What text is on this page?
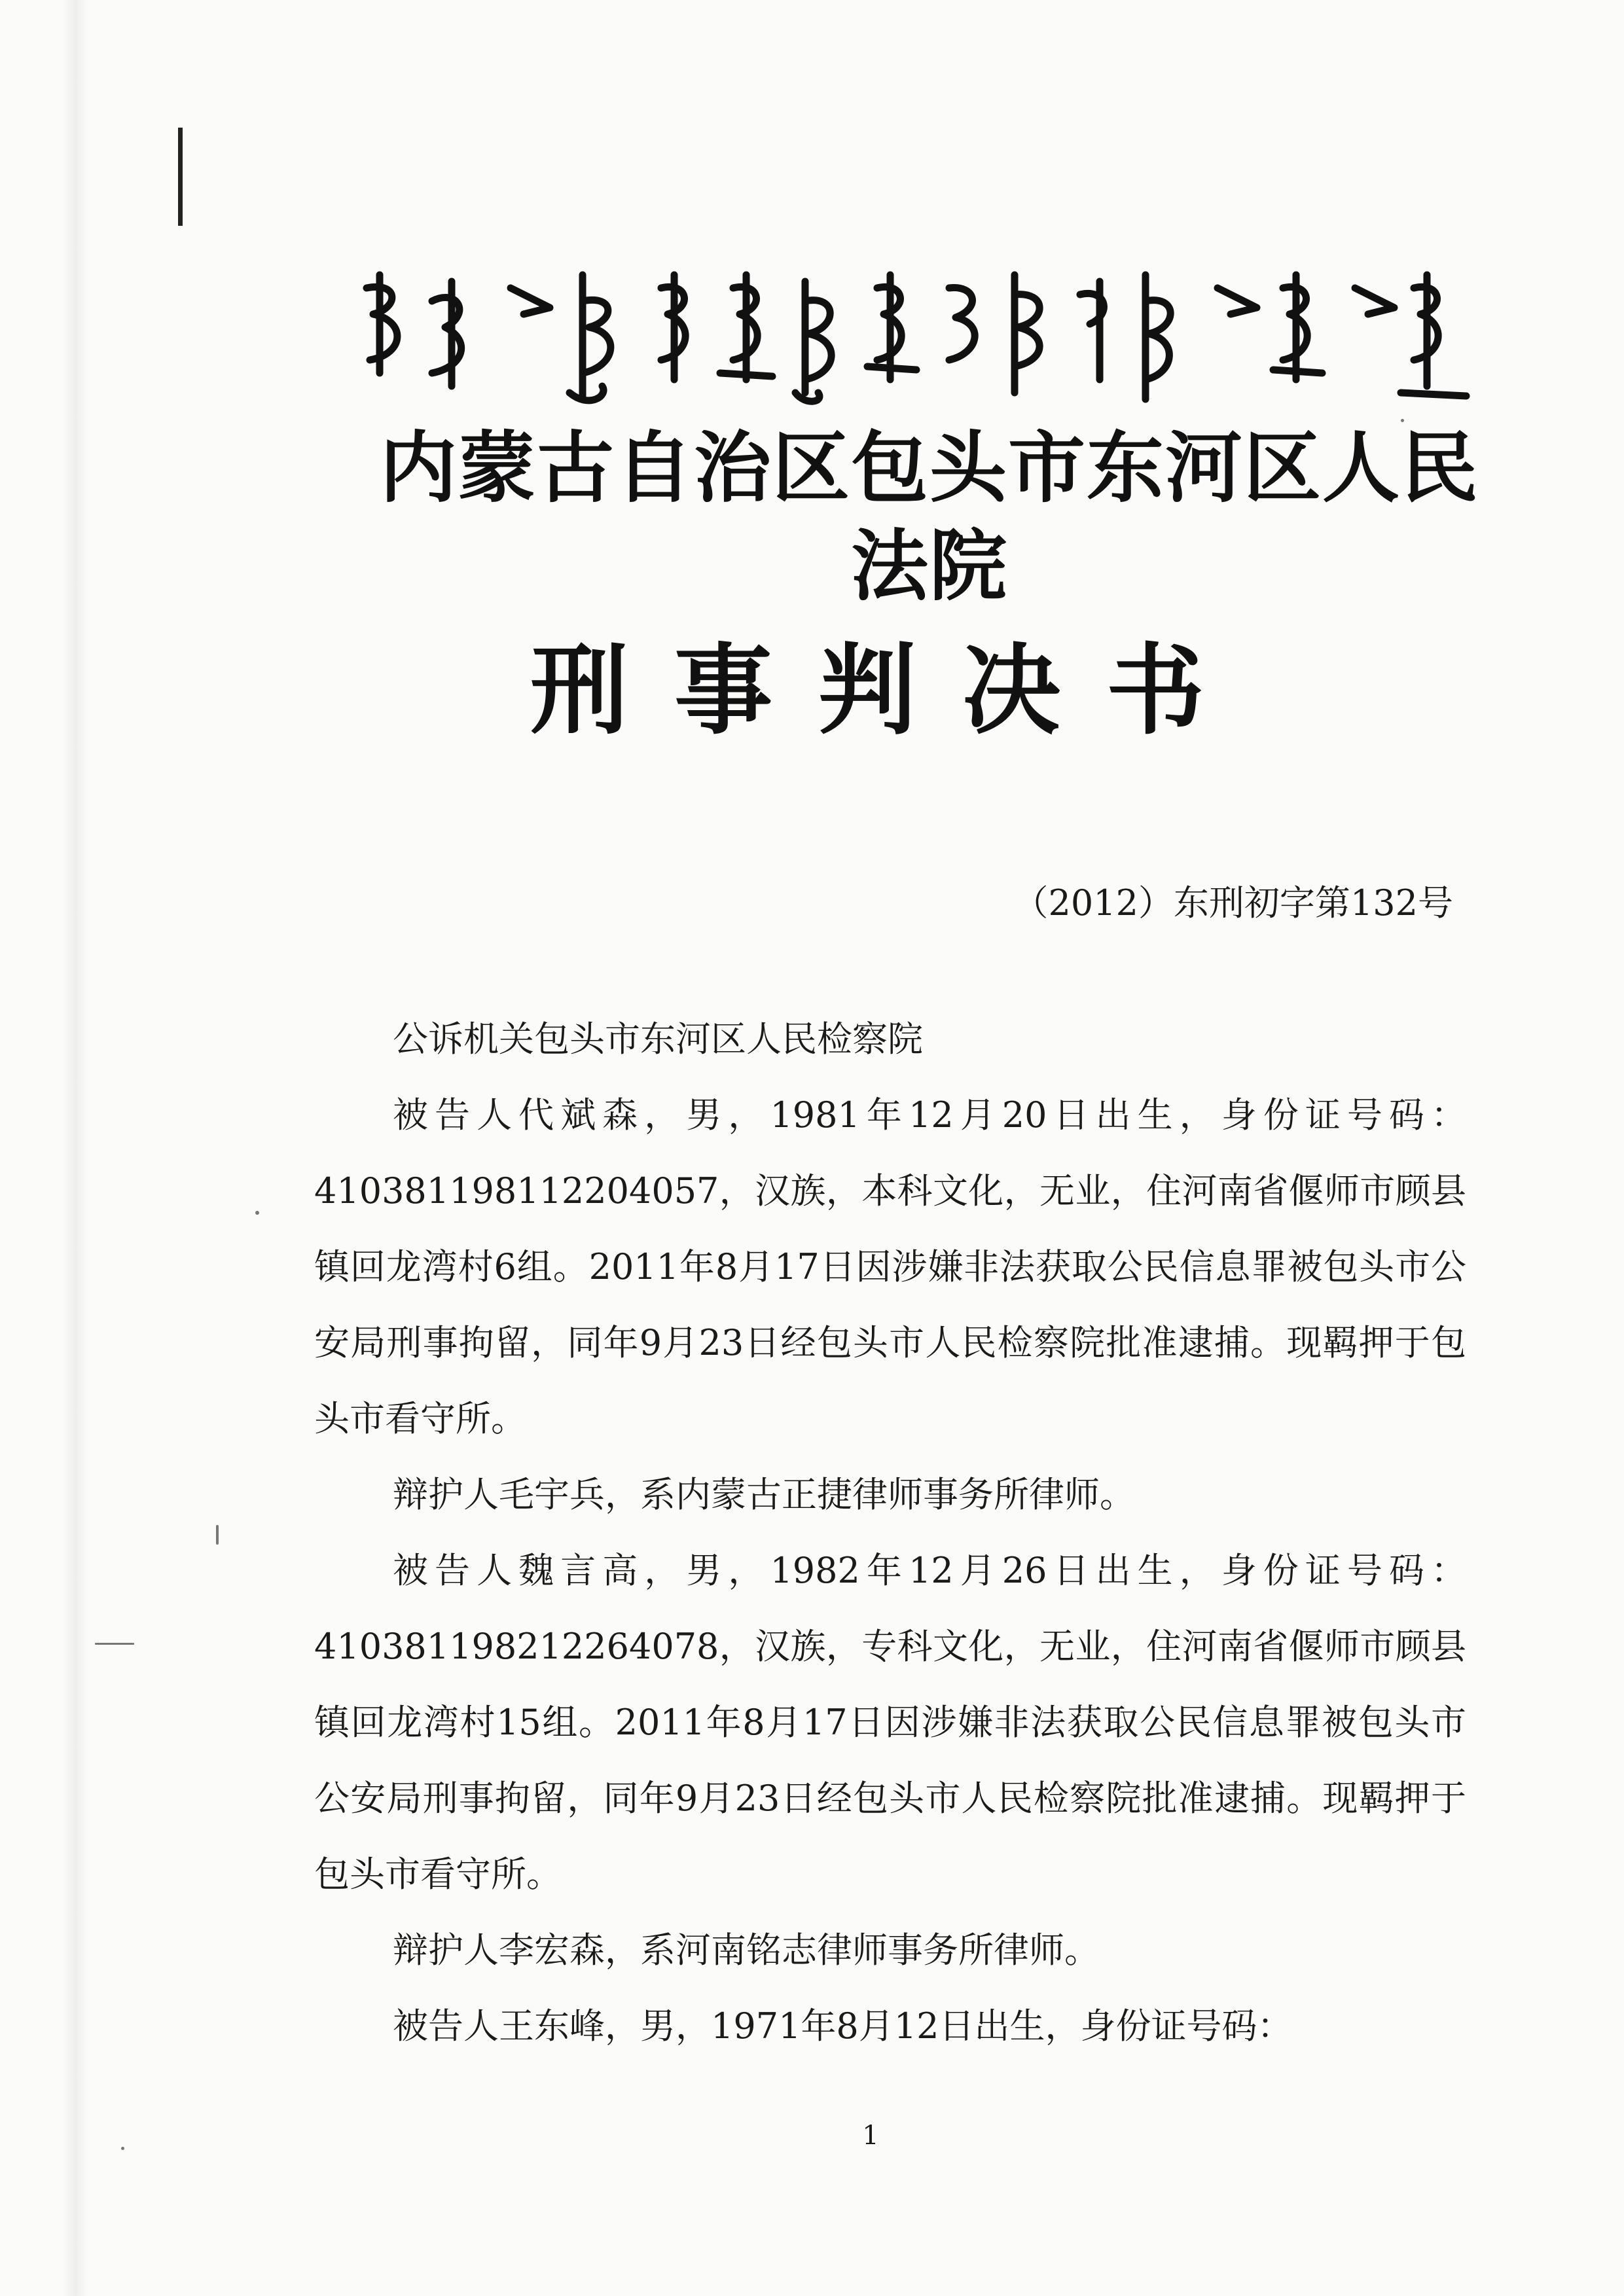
内蒙古自治区包头市东河区人民法院
刑事判决书
（2012）东刑初字第132号

公诉机关包头市东河区人民检察院

被告人代斌森，男，1981年12月20日出生，身份证号码：410381198112204057，汉族，本科文化，无业，住河南省偃师市顾县镇回龙湾村6组。2011年8月17日因涉嫌非法获取公民信息罪被包头市公安局刑事拘留，同年9月23日经包头市人民检察院批准逮捕。现羁押于包头市看守所。

辩护人毛宇兵，系内蒙古正捷律师事务所律师。

被告人魏言高，男，1982年12月26日出生，身份证号码：410381198212264078，汉族，专科文化，无业，住河南省偃师市顾县镇回龙湾村15组。2011年8月17日因涉嫌非法获取公民信息罪被包头市公安局刑事拘留，同年9月23日经包头市人民检察院批准逮捕。现羁押于包头市看守所。

辩护人李宏森，系河南铭志律师事务所律师。

被告人王东峰，男，1971年8月12日出生，身份证号码：

1
